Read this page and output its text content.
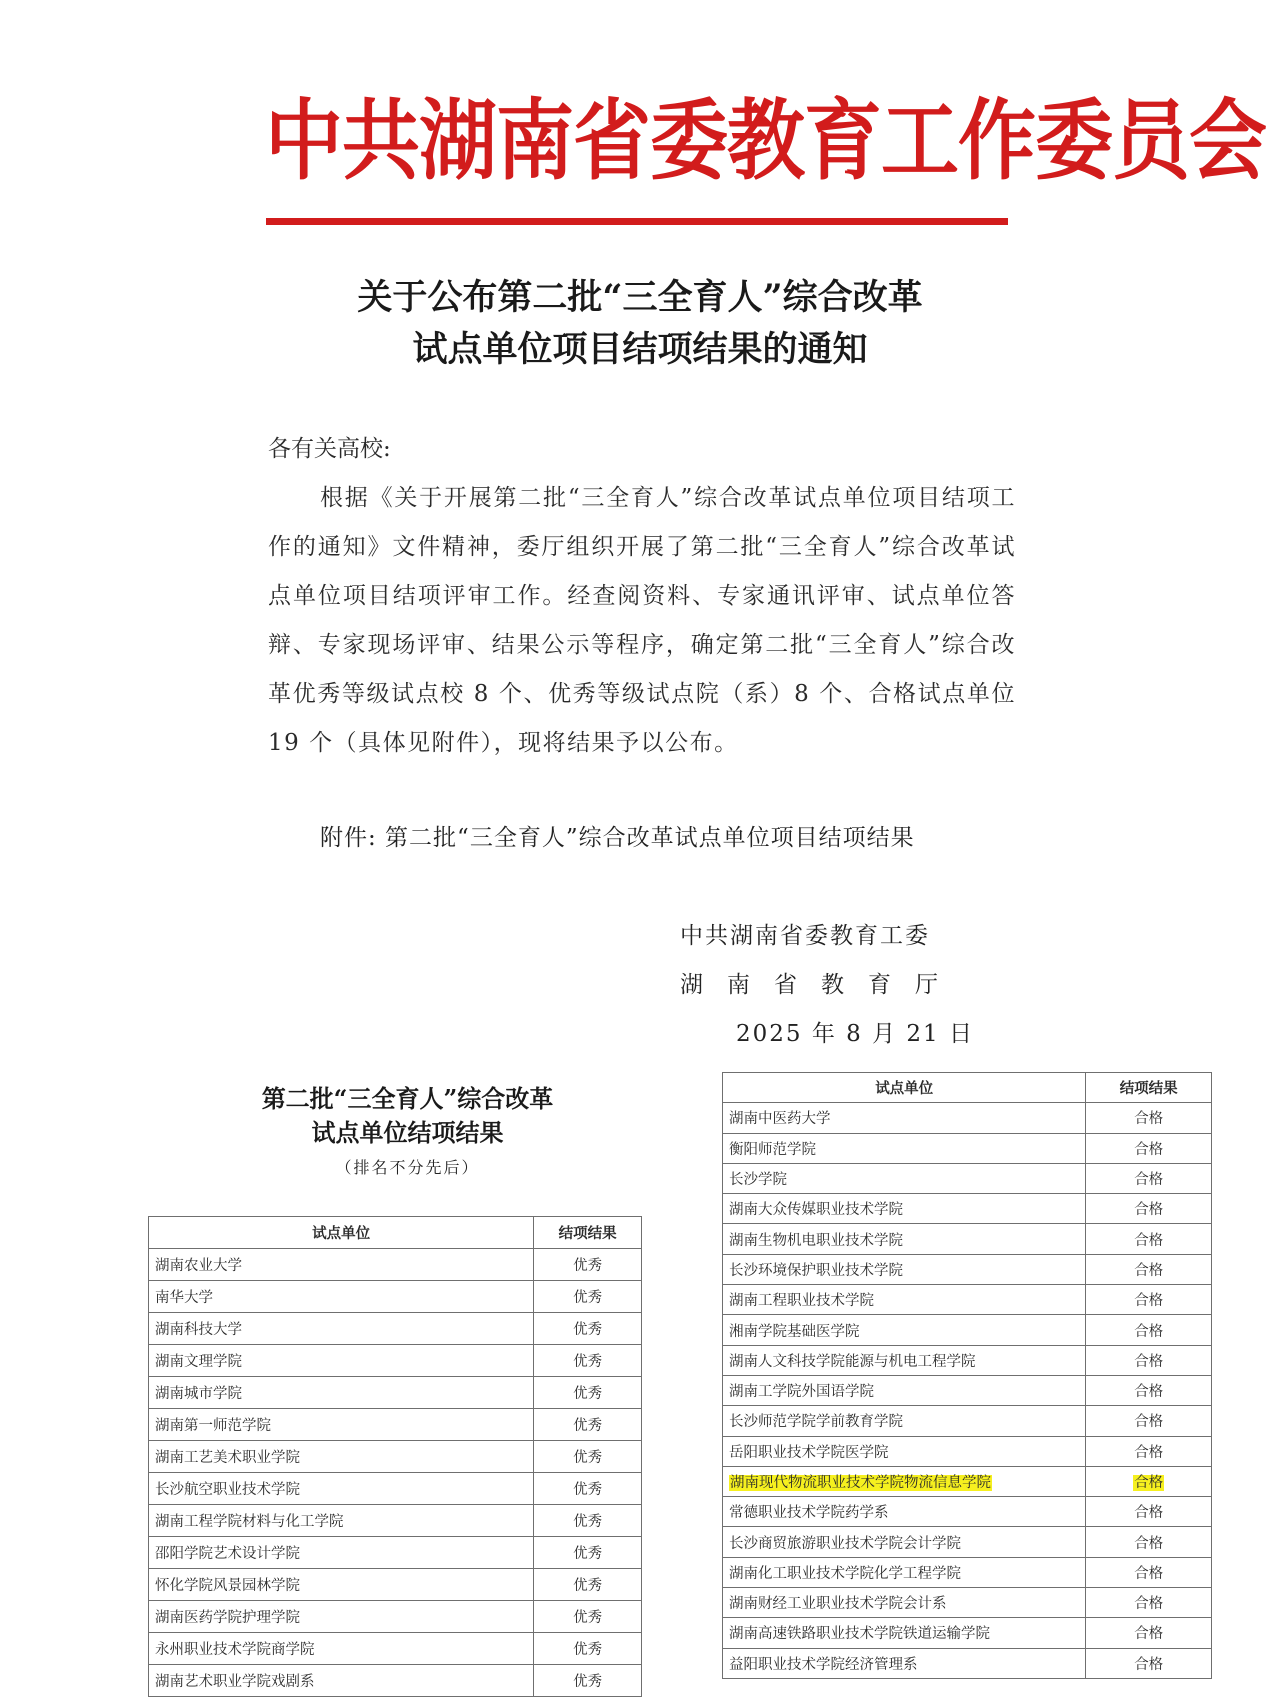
中共湖南省委教育工作委员会
关于公布第二批“三全育人”综合改革
试点单位项目结项结果的通知
各有关高校:
根据《关于开展第二批“三全育人”综合改革试点单位项目结项工作的通知》文件精神，委厅组织开展了第二批“三全育人”综合改革试点单位项目结项评审工作。经查阅资料、专家通讯评审、试点单位答辩、专家现场评审、结果公示等程序，确定第二批“三全育人”综合改革优秀等级试点校 8 个、优秀等级试点院（系）8 个、合格试点单位 19 个（具体见附件），现将结果予以公布。
附件: 第二批“三全育人”综合改革试点单位项目结项结果
中共湖南省委教育工委
湖南省教育厅
2025 年 8 月 21 日
第二批“三全育人”综合改革
试点单位结项结果
（排名不分先后）
试点单位	结项结果
湖南农业大学	优秀
南华大学	优秀
湖南科技大学	优秀
湖南文理学院	优秀
湖南城市学院	优秀
湖南第一师范学院	优秀
湖南工艺美术职业学院	优秀
长沙航空职业技术学院	优秀
湖南工程学院材料与化工学院	优秀
邵阳学院艺术设计学院	优秀
怀化学院风景园林学院	优秀
湖南医药学院护理学院	优秀
永州职业技术学院商学院	优秀
湖南艺术职业学院戏剧系	优秀
试点单位	结项结果
湖南中医药大学	合格
衡阳师范学院	合格
长沙学院	合格
湖南大众传媒职业技术学院	合格
湖南生物机电职业技术学院	合格
长沙环境保护职业技术学院	合格
湖南工程职业技术学院	合格
湘南学院基础医学院	合格
湖南人文科技学院能源与机电工程学院	合格
湖南工学院外国语学院	合格
长沙师范学院学前教育学院	合格
岳阳职业技术学院医学院	合格
湖南现代物流职业技术学院物流信息学院	合格
常德职业技术学院药学系	合格
长沙商贸旅游职业技术学院会计学院	合格
湖南化工职业技术学院化学工程学院	合格
湖南财经工业职业技术学院会计系	合格
湖南高速铁路职业技术学院铁道运输学院	合格
益阳职业技术学院经济管理系	合格
